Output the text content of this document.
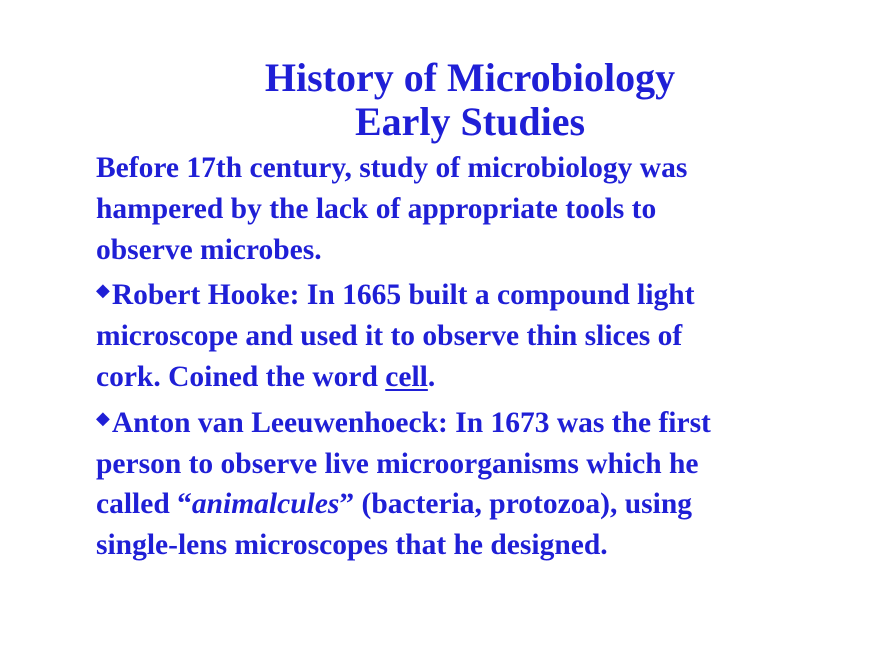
History of Microbiology
Early Studies
Before 17th century, study of microbiology was
hampered by the lack of appropriate tools to
observe microbes.
◆Robert Hooke: In 1665 built a compound light
microscope and used it to observe thin slices of
cork. Coined the word cell.
◆Anton van Leeuwenhoeck: In 1673 was the first
person to observe live microorganisms which he
called “animalcules” (bacteria, protozoa), using
single-lens microscopes that he designed.
